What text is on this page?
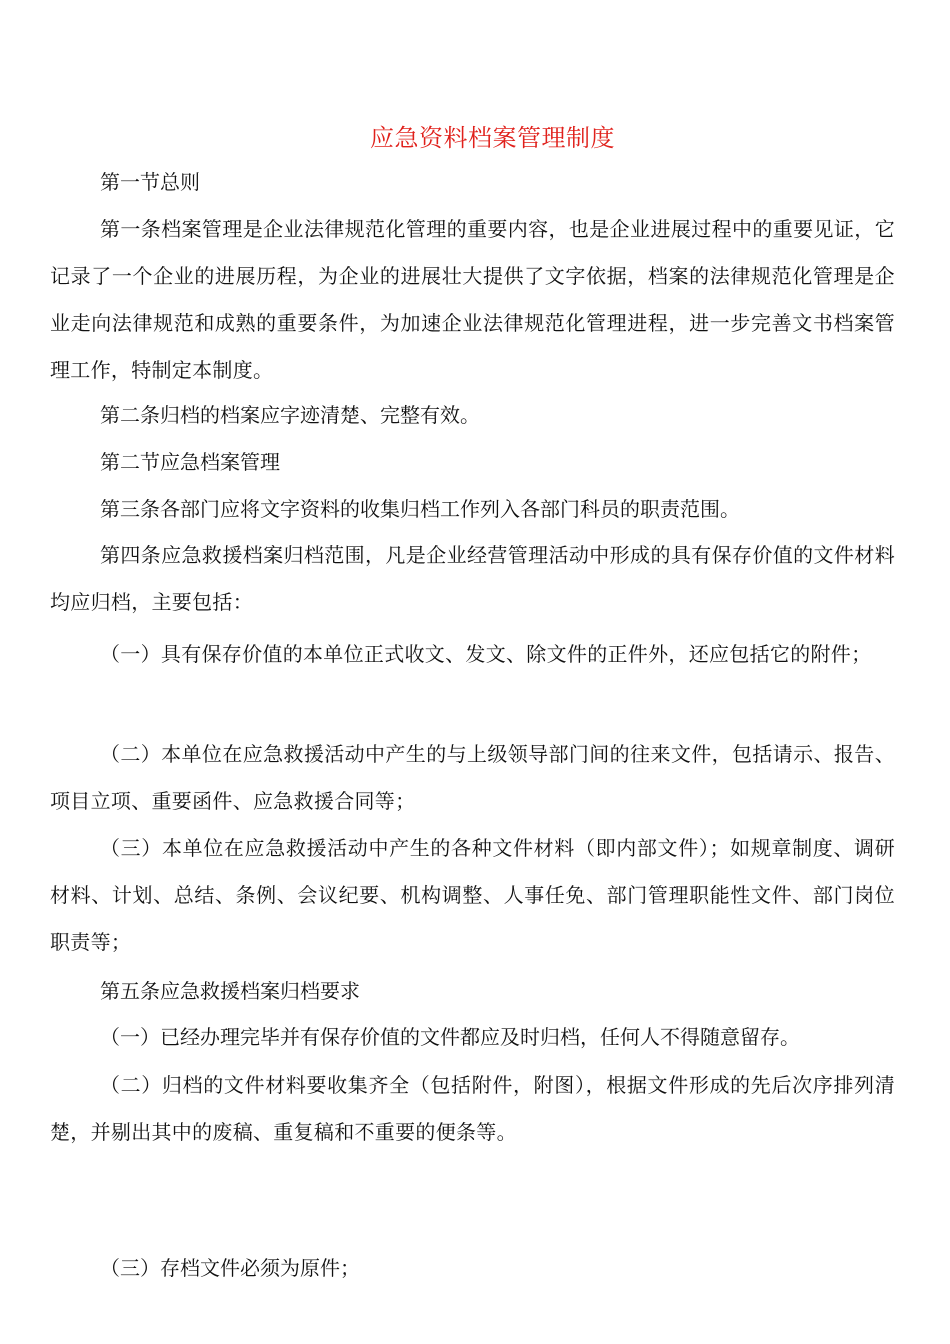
应急资料档案管理制度
第一节总则
第一条档案管理是企业法律规范化管理的重要内容，也是企业进展过程中的重要见证，它记录了一个企业的进展历程，为企业的进展壮大提供了文字依据，档案的法律规范化管理是企业走向法律规范和成熟的重要条件，为加速企业法律规范化管理进程，进一步完善文书档案管理工作，特制定本制度。
第二条归档的档案应字迹清楚、完整有效。
第二节应急档案管理
第三条各部门应将文字资料的收集归档工作列入各部门科员的职责范围。
第四条应急救援档案归档范围，凡是企业经营管理活动中形成的具有保存价值的文件材料均应归档，主要包括：
（一）具有保存价值的本单位正式收文、发文、除文件的正件外，还应包括它的附件；
（二）本单位在应急救援活动中产生的与上级领导部门间的往来文件，包括请示、报告、项目立项、重要函件、应急救援合同等；
（三）本单位在应急救援活动中产生的各种文件材料（即内部文件）；如规章制度、调研材料、计划、总结、条例、会议纪要、机构调整、人事任免、部门管理职能性文件、部门岗位职责等；
第五条应急救援档案归档要求
（一）已经办理完毕并有保存价值的文件都应及时归档，任何人不得随意留存。
（二）归档的文件材料要收集齐全（包括附件，附图），根据文件形成的先后次序排列清楚，并剔出其中的废稿、重复稿和不重要的便条等。
（三）存档文件必须为原件；
